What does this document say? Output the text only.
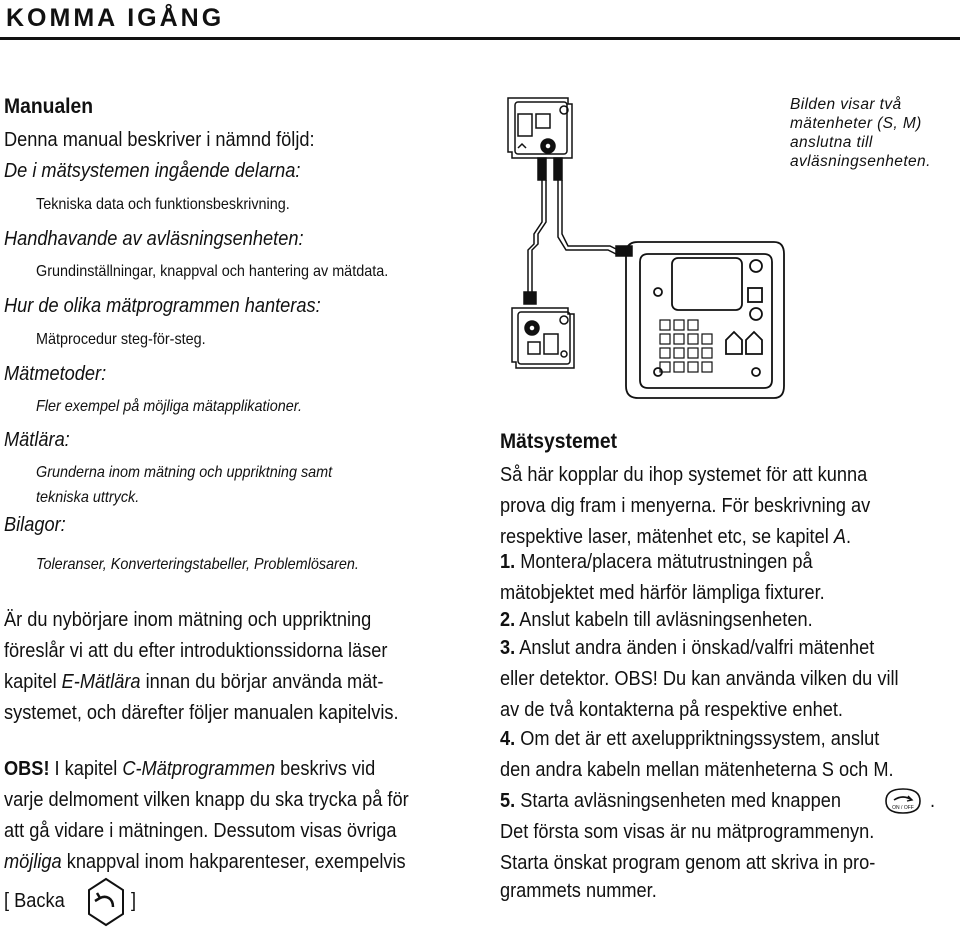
KOMMA IGÅNG
Manualen
Denna manual beskriver i nämnd följd:
De i mätsystemen ingående delarna:
Tekniska data och funktionsbeskrivning.
Handhavande av avläsningsenheten:
Grundinställningar, knappval och hantering av mätdata.
Hur de olika mätprogrammen hanteras:
Mätprocedur steg-för-steg.
Mätmetoder:
Fler exempel på möjliga mätapplikationer.
Mätlära:
Grunderna inom mätning och uppriktning samt
tekniska uttryck.
Bilagor:
Toleranser, Konverteringstabeller, Problemlösaren.
Är du nybörjare inom mätning och uppriktning
föreslår vi att du efter introduktionssidorna läser
kapitel E-Mätlära innan du börjar använda mät-
systemet, och därefter följer manualen kapitelvis.
OBS! I kapitel C-Mätprogrammen beskrivs vid
varje delmoment vilken knapp du ska trycka på för
att gå vidare i mätningen. Dessutom visas övriga
möjliga knappval inom hakparenteser, exempelvis
[ Backa	]
Bilden visar två mätenheter (S, M) anslutna till avläsningsenheten.
Mätsystemet
Så här kopplar du ihop systemet för att kunna
prova dig fram i menyerna. För beskrivning av
respektive laser, mätenhet etc, se kapitel A.
1. Montera/placera mätutrustningen på
mätobjektet med härför lämpliga fixturer.
2. Anslut kabeln till avläsningsenheten.
3. Anslut andra änden i önskad/valfri mätenhet
eller detektor. OBS! Du kan använda vilken du vill
av de två kontakterna på respektive enhet.
4. Om det är ett axeluppriktningssystem, anslut
den andra kabeln mellan mätenheterna S och M.
5. Starta avläsningsenheten med knappen	ON / OFF .
Det första som visas är nu mätprogrammenyn.
Starta önskat program genom att skriva in pro-
grammets nummer.
